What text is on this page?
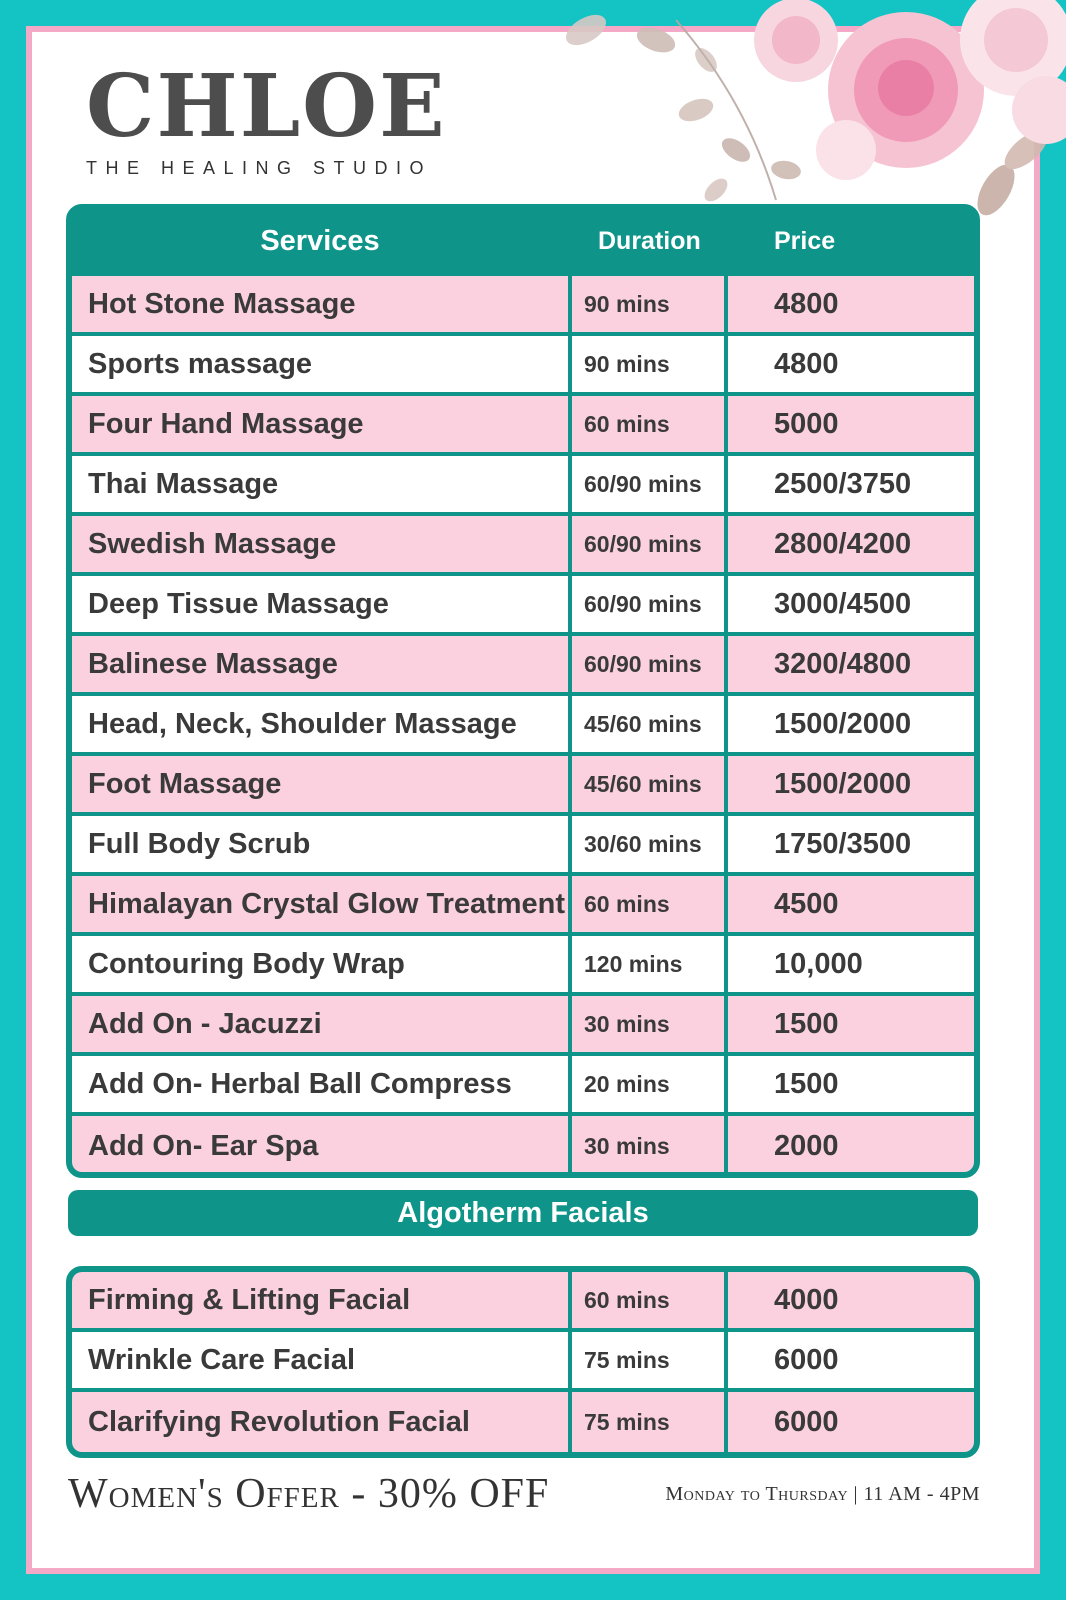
CHLOE
THE HEALING STUDIO
Services	Duration	Price
Hot Stone Massage	90 mins	4800
Sports massage	90 mins	4800
Four Hand Massage	60 mins	5000
Thai Massage	60/90 mins	2500/3750
Swedish Massage	60/90 mins	2800/4200
Deep Tissue Massage	60/90 mins	3000/4500
Balinese Massage	60/90 mins	3200/4800
Head, Neck, Shoulder Massage	45/60 mins	1500/2000
Foot Massage	45/60 mins	1500/2000
Full Body Scrub	30/60 mins	1750/3500
Himalayan Crystal Glow Treatment 60 mins	4500
Contouring Body Wrap	120 mins	10,000
Add On - Jacuzzi	30 mins	1500
Add On- Herbal Ball Compress	20 mins	1500
Add On- Ear Spa	30 mins	2000
Algotherm Facials
Firming & Lifting Facial	60 mins	4000
Wrinkle Care Facial	75 mins	6000
Clarifying Revolution Facial	75 mins	6000
Women's Offer - 30% OFF	Monday to Thursday | 11 AM - 4PM
